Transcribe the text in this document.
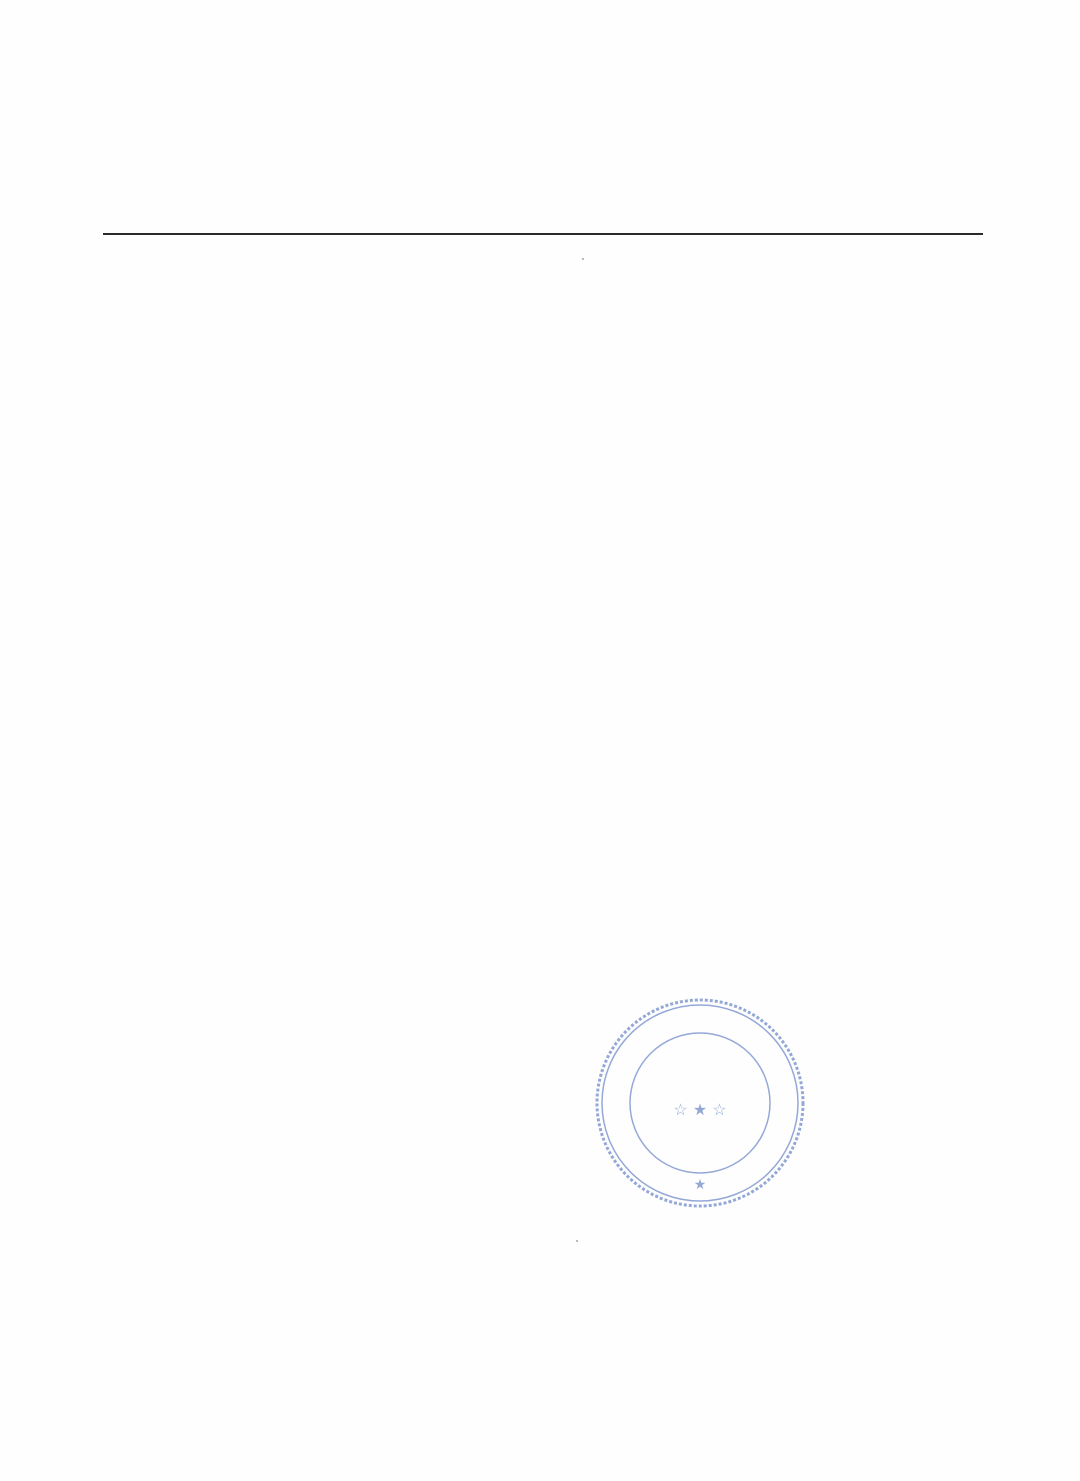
☆ ★ ☆
★
